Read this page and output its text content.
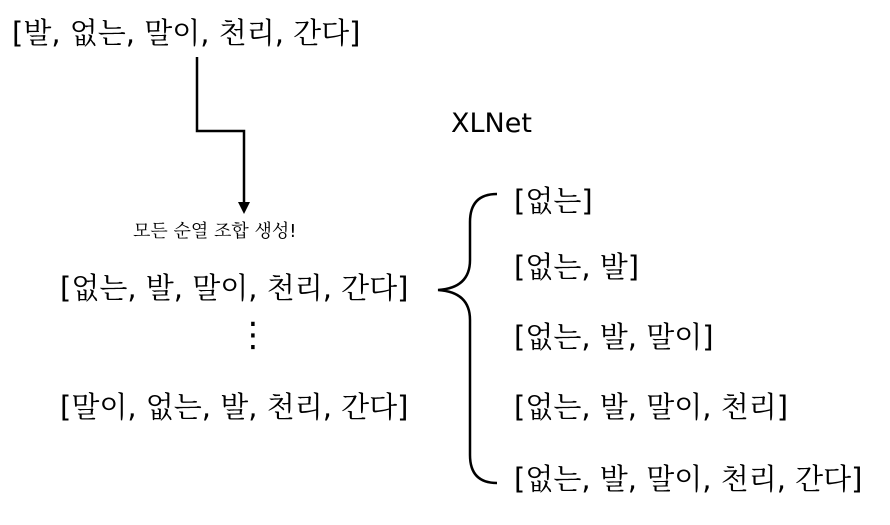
[발, 없는, 말이, 천리, 간다]
XLNet
모든 순열 조합 생성!
[없는, 발, 말이, 천리, 간다]
⋮
[말이, 없는, 발, 천리, 간다]
[없는]
[없는, 발]
[없는, 발, 말이]
[없는, 발, 말이, 천리]
[없는, 발, 말이, 천리, 간다]
